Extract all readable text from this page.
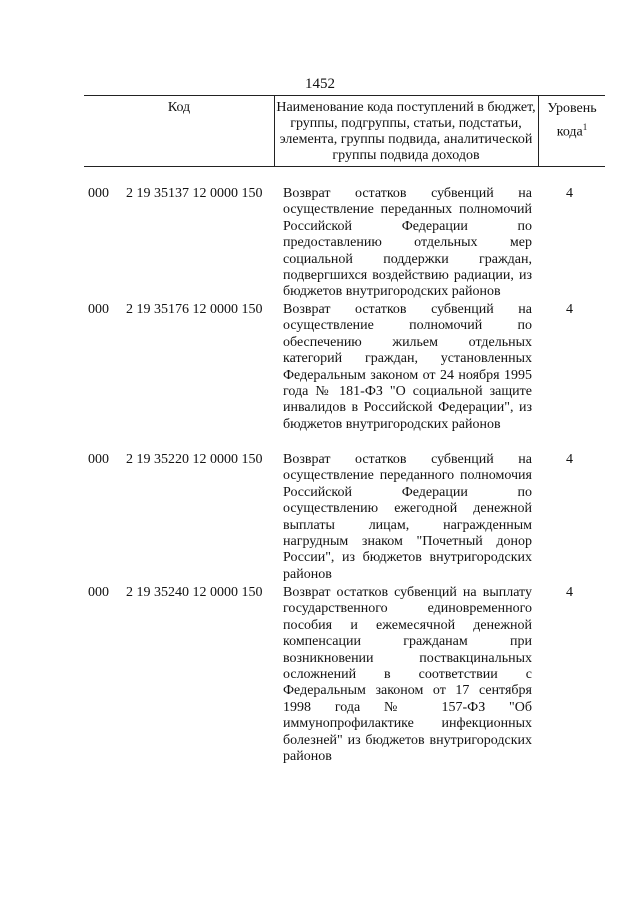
1452
Код	Наименование кода поступлений в бюджет, группы, подгруппы, статьи, подстатьи, элемента, группы подвида, аналитической группы подвида доходов
Уровень кода$^1$
000 2 19 35137 12 0000 150 Возврат остатков субвенций на осуществление переданных полномочий Российской Федерации по предоставлению отдельных мер социальной поддержки граждан, подвергшихся воздействию радиации, из бюджетов внутригородских районов
4
000 2 19 35176 12 0000 150 Возврат остатков субвенций на осуществление полномочий по обеспечению жильем отдельных категорий граждан, установленных Федеральным законом от 24 ноября 1995 года № 181-ФЗ "О социальной защите инвалидов в Российской Федерации", из бюджетов внутригородских районов
4
000 2 19 35220 12 0000 150 Возврат остатков субвенций на осуществление переданного полномочия Российской Федерации по осуществлению ежегодной денежной выплаты лицам, награжденным нагрудным знаком "Почетный донор России", из бюджетов внутригородских районов
4
000 2 19 35240 12 0000 150 Возврат остатков субвенций на выплату государственного единовременного пособия и ежемесячной денежной компенсации гражданам при возникновении поствакцинальных осложнений в соответствии с Федеральным законом от 17 сентября 1998 года № 157-ФЗ "Об иммунопрофилактике инфекционных болезней" из бюджетов внутригородских районов
4
